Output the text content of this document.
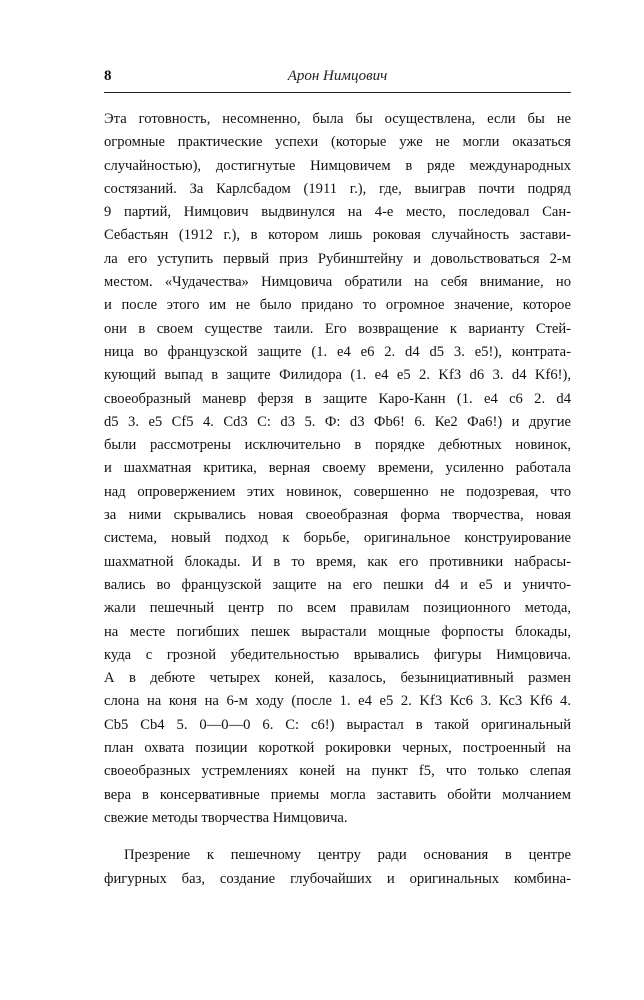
8	Арон Нимцович
Эта готовность, несомненно, была бы осуществлена, если бы не
огромные практические успехи (которые уже не могли оказаться
случайностью), достигнутые Нимцовичем в ряде международных
состязаний. За Карлсбадом (1911 г.), где, выиграв почти подряд
9 партий, Нимцович выдвинулся на 4-е место, последовал Сан-
Себастьян (1912 г.), в котором лишь роковая случайность застави-
ла его уступить первый приз Рубинштейну и довольствоваться 2-м
местом. «Чудачества» Нимцовича обратили на себя внимание, но
и после этого им не было придано то огромное значение, которое
они в своем существе таили. Его возвращение к варианту Стей-
ница во французской защите (1. е4 е6 2. d4 d5 3. е5!), контрата-
кующий выпад в защите Филидора (1. е4 е5 2. Kf3 d6 3. d4 Kf6!),
своеобразный маневр ферзя в защите Каро-Канн (1. е4 с6 2. d4
d5 3. е5 Cf5 4. Cd3 C: d3 5. Ф: d3 Фb6! 6. Ке2 Фа6!) и другие
были рассмотрены исключительно в порядке дебютных новинок,
и шахматная критика, верная своему времени, усиленно работала
над опровержением этих новинок, совершенно не подозревая, что
за ними скрывались новая своеобразная форма творчества, новая
система, новый подход к борьбе, оригинальное конструирование
шахматной блокады. И в то время, как его противники набрасы-
вались во французской защите на его пешки d4 и е5 и уничто-
жали пешечный центр по всем правилам позиционного метода,
на месте погибших пешек вырастали мощные форпосты блокады,
куда с грозной убедительностью врывались фигуры Нимцовича.
А в дебюте четырех коней, казалось, безынициативный размен
слона на коня на 6-м ходу (после 1. е4 е5 2. Kf3 Кс6 3. Кс3 Kf6 4.
Cb5 Cb4 5. 0—0—0 6. C: с6!) вырастал в такой оригинальный
план охвата позиции короткой рокировки черных, построенный на
своеобразных устремлениях коней на пункт f5, что только слепая
вера в консервативные приемы могла заставить обойти молчанием
свежие методы творчества Нимцовича.
Презрение к пешечному центру ради основания в центре
фигурных баз, создание глубочайших и оригинальных комбина-
